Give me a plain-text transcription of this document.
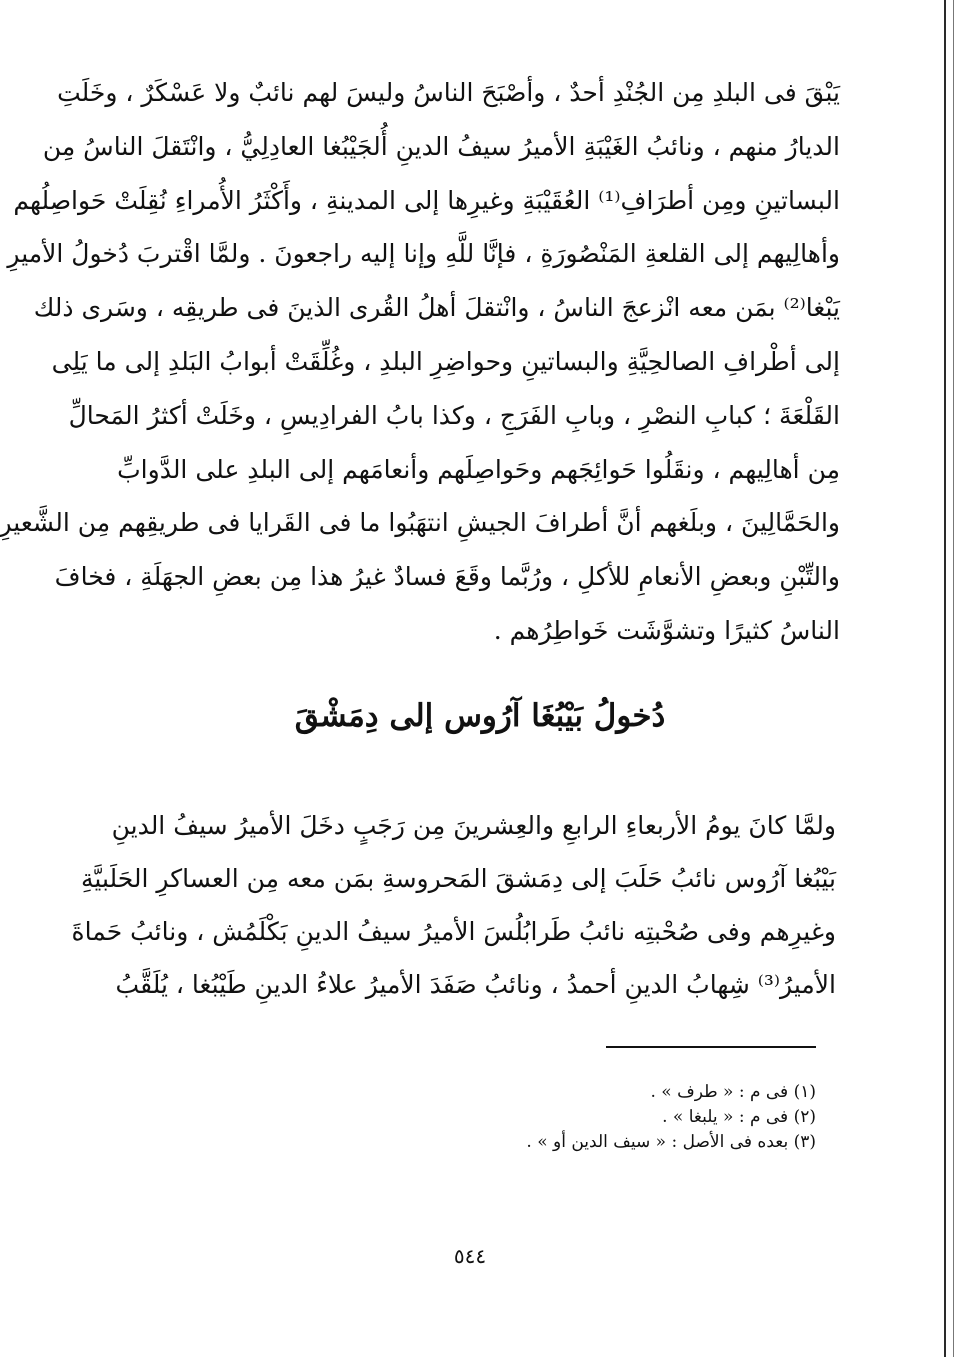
يَبْقَ فى البلدِ مِن الجُنْدِ أحدٌ ، وأصْبَحَ الناسُ وليسَ لهم نائبٌ ولا عَسْكَرٌ ، وخَلَتِ
الديارُ منهم ، ونائبُ الغَيْبَةِ الأميرُ سيفُ الدينِ أُلجَيْبُغا العادِلِيُّ ، وانْتَقلَ الناسُ مِن
البساتينِ ومِن أطرَافِ⁽¹⁾ العُقَيْبَةِ وغيرِها إلى المدينةِ ، وأَكْثَرُ الأُمراءِ نُقِلَتْ حَواصِلُهم
وأهالِيهم إلى القلعةِ المَنْصُورَةِ ، فإنَّا للَّهِ وإنا إليه راجعونَ . ولمَّا اقْتربَ دُخولُ الأميرِ
يَبْغا⁽²⁾ بمَن معه انْزعجَ الناسُ ، وانْتقلَ أهلُ القُرى الذينَ فى طريقِه ، وسَرى ذلك
إلى أطْرافِ الصالحِيَّةِ والبساتينِ وحواضِرِ البلدِ ، وغُلِّقَتْ أبوابُ البَلدِ إلى ما يَلِى
القَلْعَةَ ؛ كبابِ النصْرِ ، وبابِ الفَرَجِ ، وكذا بابُ الفرادِيسِ ، وخَلَتْ أكثرُ المَحالِّ
مِن أهالِيهم ، ونقَلُوا حَوائِجَهم وحَواصِلَهم وأنعامَهم إلى البلدِ على الدَّوابِّ
والحَمَّالِينَ ، وبلَغهم أنَّ أطرافَ الجيشِ انتهَبُوا ما فى القَرايا فى طريقِهم مِن الشَّعيرِ
والتِّبْنِ وبعضِ الأنعامِ للأكلِ ، ورُبَّما وقَعَ فسادٌ غيرُ هذا مِن بعضِ الجهَلَةِ ، فخافَ
الناسُ كثيرًا وتشوَّشَت خَواطِرُهم .

دُخولُ بَيْبُغَا آرُوس إلى دِمَشْقَ

ولمَّا كانَ يومُ الأربعاءِ الرابعِ والعِشرينَ مِن رَجَبٍ دخَلَ الأميرُ سيفُ الدينِ
بَيْبُغا آرُوس نائبُ حَلَبَ إلى دِمَشقَ المَحروسةِ بمَن معه مِن العساكرِ الحَلَبيَّةِ
وغيرِهم وفى صُحْبتِه نائبُ طَرابُلُسَ الأميرُ سيفُ الدينِ بَكْلَمُش ، ونائبُ حَماةَ
الأميرُ⁽³⁾ شِهابُ الدينِ أحمدُ ، ونائبُ صَفَدَ الأميرُ علاءُ الدينِ طَيْبُغا ، يُلَقَّبُ

(١) فى م : « طرف » .
(٢) فى م : « يلبغا » .
(٣) بعده فى الأصل : « سيف الدين أو » .
٥٤٤
